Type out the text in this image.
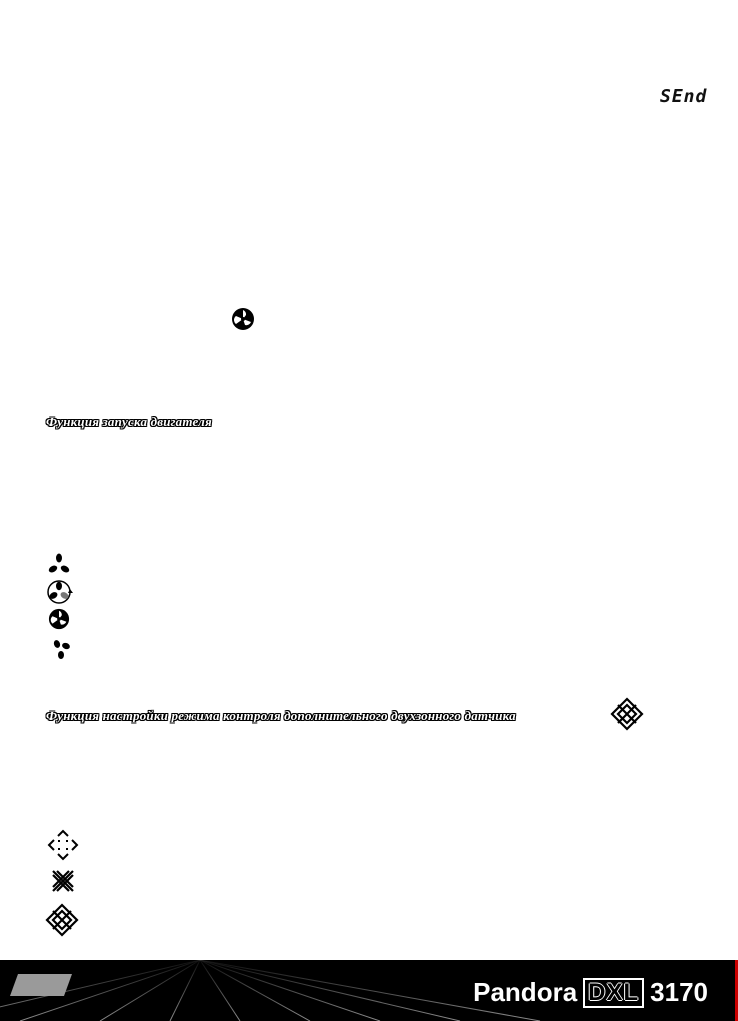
SEnd
Функция запуска двигателя
Функция настройки режима контроля дополнительного двухзонного датчика
Pandora DXL 3170
